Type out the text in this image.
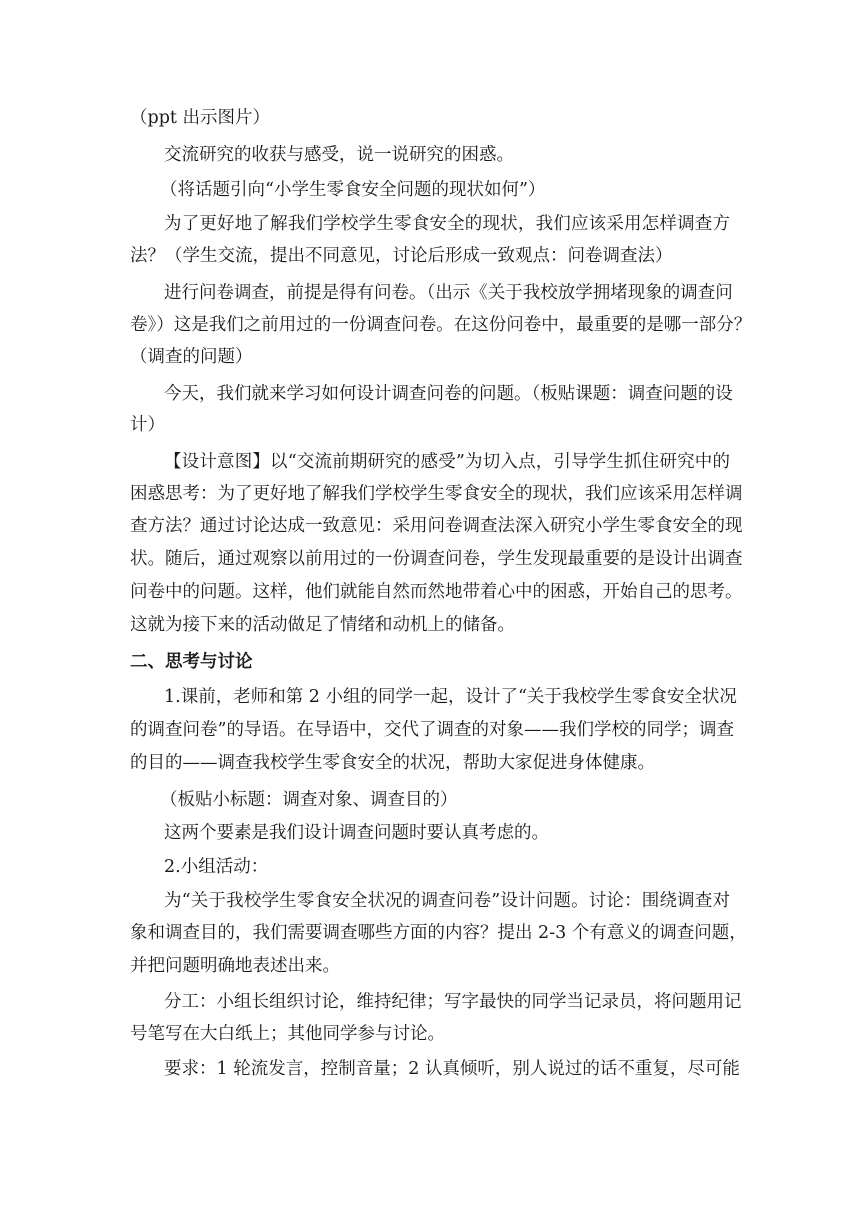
（ppt 出示图片）
交流研究的收获与感受，说一说研究的困惑。
（将话题引向“小学生零食安全问题的现状如何”）
为了更好地了解我们学校学生零食安全的现状，我们应该采用怎样调查方
法？（学生交流，提出不同意见，讨论后形成一致观点：问卷调查法）
进行问卷调查，前提是得有问卷。（出示《关于我校放学拥堵现象的调查问
卷》）这是我们之前用过的一份调查问卷。在这份问卷中，最重要的是哪一部分？
（调查的问题）
今天，我们就来学习如何设计调查问卷的问题。（板贴课题：调查问题的设
计）
【设计意图】以“交流前期研究的感受”为切入点，引导学生抓住研究中的
困惑思考：为了更好地了解我们学校学生零食安全的现状，我们应该采用怎样调
查方法？通过讨论达成一致意见：采用问卷调查法深入研究小学生零食安全的现
状。随后，通过观察以前用过的一份调查问卷，学生发现最重要的是设计出调查
问卷中的问题。这样，他们就能自然而然地带着心中的困惑，开始自己的思考。
这就为接下来的活动做足了情绪和动机上的储备。
二、思考与讨论
1.课前，老师和第 2 小组的同学一起，设计了“关于我校学生零食安全状况
的调查问卷”的导语。在导语中，交代了调查的对象——我们学校的同学；调查
的目的——调查我校学生零食安全的状况，帮助大家促进身体健康。
（板贴小标题：调查对象、调查目的）
这两个要素是我们设计调查问题时要认真考虑的。
2.小组活动：
为“关于我校学生零食安全状况的调查问卷”设计问题。讨论：围绕调查对
象和调查目的，我们需要调查哪些方面的内容？提出 2-3 个有意义的调查问题，
并把问题明确地表述出来。
分工：小组长组织讨论，维持纪律；写字最快的同学当记录员，将问题用记
号笔写在大白纸上；其他同学参与讨论。
要求：1 轮流发言，控制音量；2 认真倾听，别人说过的话不重复，尽可能
